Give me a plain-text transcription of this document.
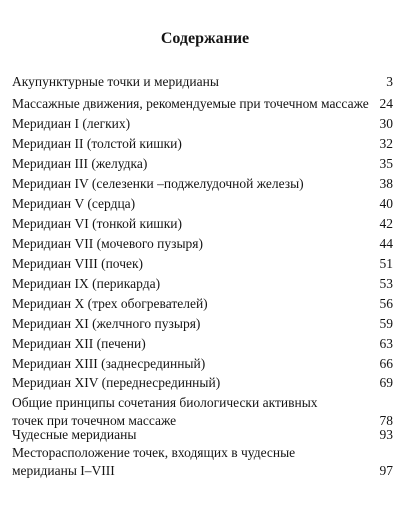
Содержание
Акупунктурные точки и меридианы	3
Массажные движения, рекомендуемые при точечном массаже 24
Меридиан I (легких)	30
Меридиан II (толстой кишки)	32
Меридиан III (желудка)	35
Меридиан IV (селезенки –поджелудочной железы)	38
Меридиан V (сердца)	40
Меридиан VI (тонкой кишки)	42
Меридиан VII (мочевого пузыря)	44
Меридиан VIII (почек)	51
Меридиан IX (перикарда)	53
Меридиан X (трех обогревателей)	56
Меридиан XI (желчного пузыря)	59
Меридиан XII (печени)	63
Меридиан XIII (заднесрединный)	66
Меридиан XIV (переднесрединный)	69
Общие принципы сочетания биологически активных точек при точечном массаже	78
Чудесные меридианы	93
Месторасположение точек, входящих в чудесные меридианы I–VIII	97
